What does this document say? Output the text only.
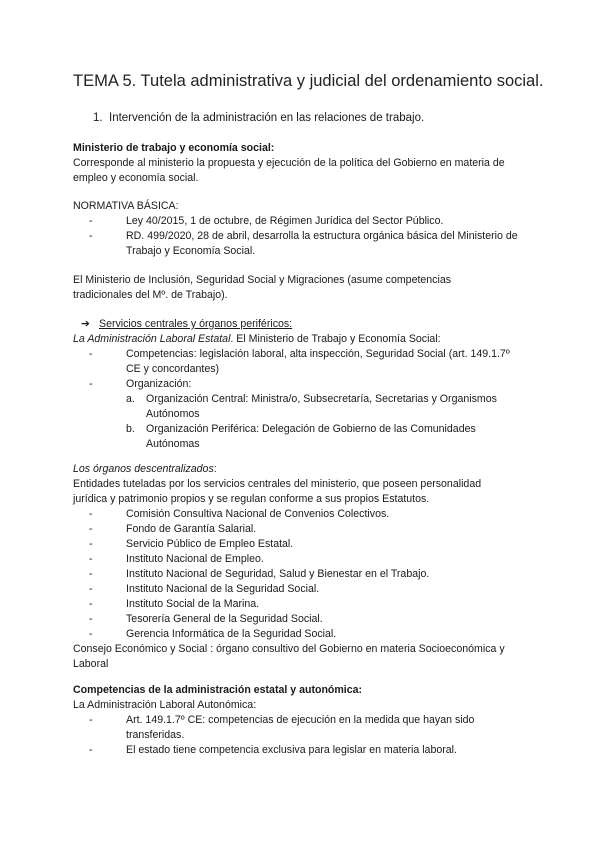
TEMA 5. Tutela administrativa y judicial del ordenamiento social.
1. Intervención de la administración en las relaciones de trabajo.
Ministerio de trabajo y economía social:
Corresponde al ministerio la propuesta y ejecución de la política del Gobierno en materia de
empleo y economía social.
NORMATIVA BÁSICA:
-	Ley 40/2015, 1 de octubre, de Régimen Jurídica del Sector Público.
-	RD. 499/2020, 28 de abril, desarrolla la estructura orgánica básica del Ministerio de
Trabajo y Economía Social.
El Ministerio de Inclusión, Seguridad Social y Migraciones (asume competencias
tradicionales del Mº. de Trabajo).
➔ Servicios centrales y órganos periféricos:
La Administración Laboral Estatal. El Ministerio de Trabajo y Economía Social:
-	Competencias: legislación laboral, alta inspección, Seguridad Social (art. 149.1.7º
CE y concordantes)
-	Organización:
a. Organización Central: Ministra/o, Subsecretaría, Secretarias y Organismos
Autónomos
b. Organización Periférica: Delegación de Gobierno de las Comunidades
Autónomas
Los órganos descentralizados:
Entidades tuteladas por los servicios centrales del ministerio, que poseen personalidad
jurídica y patrimonio propios y se regulan conforme a sus propios Estatutos.
-	Comisión Consultiva Nacional de Convenios Colectivos.
-	Fondo de Garantía Salarial.
-	Servicio Público de Empleo Estatal.
-	Instituto Nacional de Empleo.
-	Instituto Nacional de Seguridad, Salud y Bienestar en el Trabajo.
-	Instituto Nacional de la Seguridad Social.
-	Instituto Social de la Marina.
-	Tesorería General de la Seguridad Social.
-	Gerencia Informática de la Seguridad Social.
Consejo Económico y Social : órgano consultivo del Gobierno en materia Socioeconómica y
Laboral
Competencias de la administración estatal y autonómica:
La Administración Laboral Autonómica:
-	Art. 149.1.7º CE: competencias de ejecución en la medida que hayan sido
transferidas.
-	El estado tiene competencia exclusiva para legislar en materia laboral.
